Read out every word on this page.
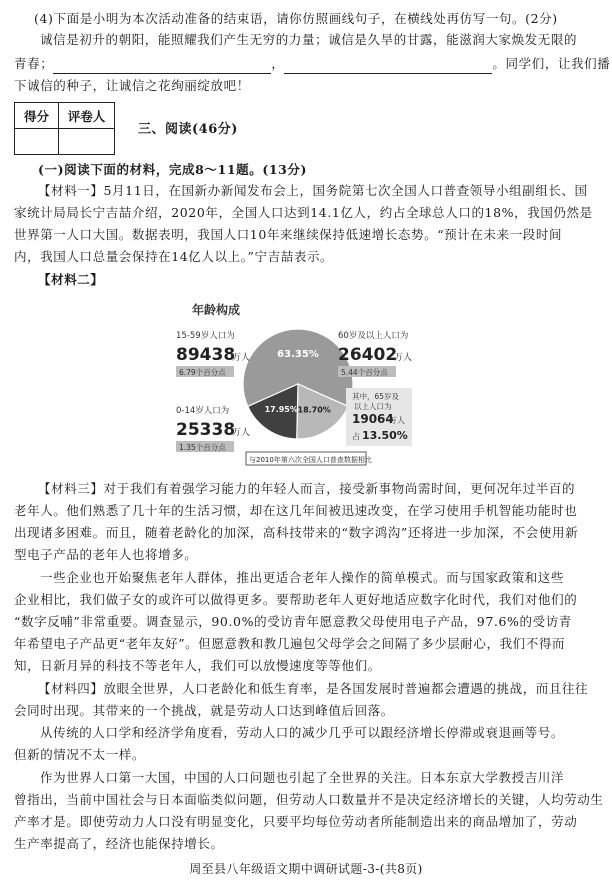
(4)下面是小明为本次活动准备的结束语，请你仿照画线句子，在横线处再仿写一句。(2分)
诚信是初升的朝阳，能照耀我们产生无穷的力量；诚信是久旱的甘露，能滋润大家焕发无限的
青春；	，	。同学们，让我们播
下诚信的种子，让诚信之花绚丽绽放吧！
得分	评卷人

三、阅读(46分)
(一)阅读下面的材料，完成8～11题。(13分)
【材料一】5月11日，在国新办新闻发布会上，国务院第七次全国人口普查领导小组副组长、国
家统计局局长宁吉喆介绍，2020年，全国人口达到14.1亿人，约占全球总人口的18%，我国仍然是
世界第一人口大国。数据表明，我国人口10年来继续保持低速增长态势。“预计在未来一段时间
内，我国人口总量会保持在14亿人以上。”宁吉喆表示。
【材料二】
年龄构成
63.35%
18.70%
17.95%
15-59岁人口为
89438
万人
6.79个百分点
60岁及以上人口为
26402
万人
5.44个百分点
其中，65岁及
以上人口为
19064
万人
占 13.50%
0-14岁人口为
25338
万人
1.35个百分点
与2010年第六次全国人口普查数据相比
【材料三】对于我们有着强学习能力的年轻人而言，接受新事物尚需时间，更何况年过半百的
老年人。他们熟悉了几十年的生活习惯，却在这几年间被迅速改变，在学习使用手机智能功能时也
出现诸多困难。而且，随着老龄化的加深，高科技带来的“数字鸿沟”还将进一步加深，不会使用新
型电子产品的老年人也将增多。
一些企业也开始聚焦老年人群体，推出更适合老年人操作的简单模式。而与国家政策和这些
企业相比，我们做子女的或许可以做得更多。要帮助老年人更好地适应数字化时代，我们对他们的
“数字反哺”非常重要。调查显示，90.0%的受访青年愿意教父母使用电子产品，97.6%的受访青
年希望电子产品更“老年友好”。但愿意教和教几遍包父母学会之间隔了多少层耐心，我们不得而
知，日新月异的科技不等老年人，我们可以放慢速度等等他们。
【材料四】放眼全世界，人口老龄化和低生育率，是各国发展时普遍都会遭遇的挑战，而且往往
会同时出现。其带来的一个挑战，就是劳动人口达到峰值后回落。
从传统的人口学和经济学角度看，劳动人口的减少几乎可以跟经济增长停滞或衰退画等号。
但新的情况不太一样。
作为世界人口第一大国，中国的人口问题也引起了全世界的关注。日本东京大学教授吉川洋
曾指出，当前中国社会与日本面临类似问题，但劳动人口数量并不是决定经济增长的关键，人均劳动生
产率才是。即使劳动力人口没有明显变化，只要平均每位劳动者所能制造出来的商品增加了，劳动
生产率提高了，经济也能保持增长。
周至县八年级语文期中调研试题-3-(共8页)
